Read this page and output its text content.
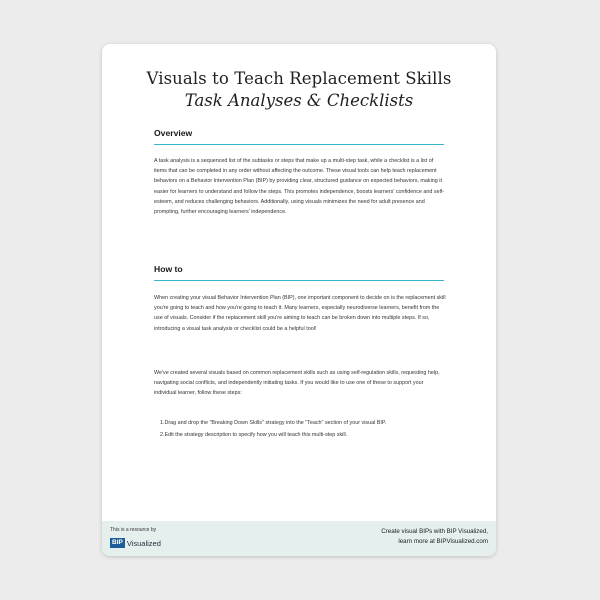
Visuals to Teach Replacement Skills
Task Analyses & Checklists
Overview

A task analysis is a sequenced list of the subtasks or steps that make up a multi-step task, while a checklist is a list of items that can be completed in any order without affecting the outcome. These visual tools can help teach replacement behaviors on a Behavior Intervention Plan (BIP) by providing clear, structured guidance on expected behaviors, making it easier for learners to understand and follow the steps. This promotes independence, boosts learners' confidence and self-esteem, and reduces challenging behaviors. Additionally, using visuals minimizes the need for adult presence and prompting, further encouraging learners' independence.

How to

When creating your visual Behavior Intervention Plan (BIP), one important component to decide on is the replacement skill you're going to teach and how you're going to teach it. Many learners, especially neurodiverse learners, benefit from the use of visuals. Consider if the replacement skill you're aiming to teach can be broken down into multiple steps. If so, introducing a visual task analysis or checklist could be a helpful tool!

We've created several visuals based on common replacement skills such as using self-regulation skills, requesting help, navigating social conflicts, and independently initiating tasks. If you would like to use one of these to support your individual learner, follow these steps:

1.Drag and drop the "Breaking Down Skills" strategy into the "Teach" section of your visual BIP.
2.Edit the strategy description to specify how you will teach this multi-step skill.
This is a resource by
BIP Visualized
Create visual BIPs with BIP Visualized,
learn more at BIPVisualized.com
